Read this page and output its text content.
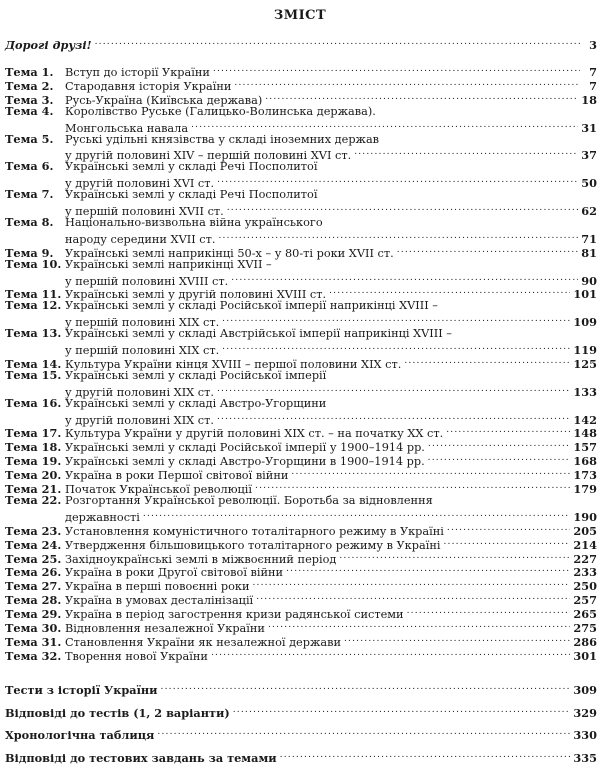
ЗМІСТ
Дорогі друзі! .....	3
Тема 1.	Вступ до історії України .....	7
Тема 2.	Стародавня історія України .....	7
Тема 3.	Русь-Україна (Київська держава) .....	18
Тема 4.	Королівство Руське (Галицько-Волинська держава).
Монгольська навала .....	31
Тема 5.	Руські удільні князівства у складі іноземних держав
у другій половині XIV – першій половині XVI ст. .....	37
Тема 6.	Українські землі у складі Речі Посполитої
у другій половині XVI ст. .....	50
Тема 7.	Українські землі у складі Речі Посполитої
у першій половині XVII ст. .....	62
Тема 8.	Національно-визвольна війна українського
народу середини XVII ст. .....	71
Тема 9.	Українські землі наприкінці 50-х – у 80-ті роки XVII ст. .....	81
Тема 10. Українські землі наприкінці XVII –
у першій половині XVIII ст. .....	90
Тема 11. Українські землі у другій половині XVIII ст. .....	101
Тема 12. Українські землі у складі Російської імперії наприкінці XVIII –
у першій половині XIX ст. .....	109
Тема 13. Українські землі у складі Австрійської імперії наприкінці XVIII –
у першій половині XIX ст. .....	119
Тема 14. Культура України кінця XVIII – першої половини XIX ст. .....	125
Тема 15. Українські землі у складі Російської імперії
у другій половині XIX ст. .....	133
Тема 16. Українські землі у складі Австро-Угорщини
у другій половині XIX ст. .....	142
Тема 17. Культура України у другій половині XIX ст. – на початку XX ст. .....	148
Тема 18. Українські землі у складі Російської імперії у 1900–1914 рр. .....	157
Тема 19. Українські землі у складі Австро-Угорщини в 1900–1914 рр. .....	168
Тема 20. Україна в роки Першої світової війни .....	173
Тема 21. Початок Української революції .....	179
Тема 22. Розгортання Української революції. Боротьба за відновлення
державності .....	190
Тема 23. Установлення комуністичного тоталітарного режиму в Україні .....	205
Тема 24. Утвердження більшовицького тоталітарного режиму в Україні .....	214
Тема 25. Західноукраїнські землі в міжвоєнний період .....	227
Тема 26. Україна в роки Другої світової війни .....	233
Тема 27. Україна в перші повоєнні роки .....	250
Тема 28. Україна в умовах десталінізації .....	257
Тема 29. Україна в період загострення кризи радянської системи .....	265
Тема 30. Відновлення незалежної України .....	275
Тема 31. Становлення України як незалежної держави .....	286
Тема 32. Творення нової України .....	301
Тести з історії України .....	309
Відповіді до тестів (1, 2 варіанти) .....	329
Хронологічна таблиця .....	330
Відповіді до тестових завдань за темами .....	335
